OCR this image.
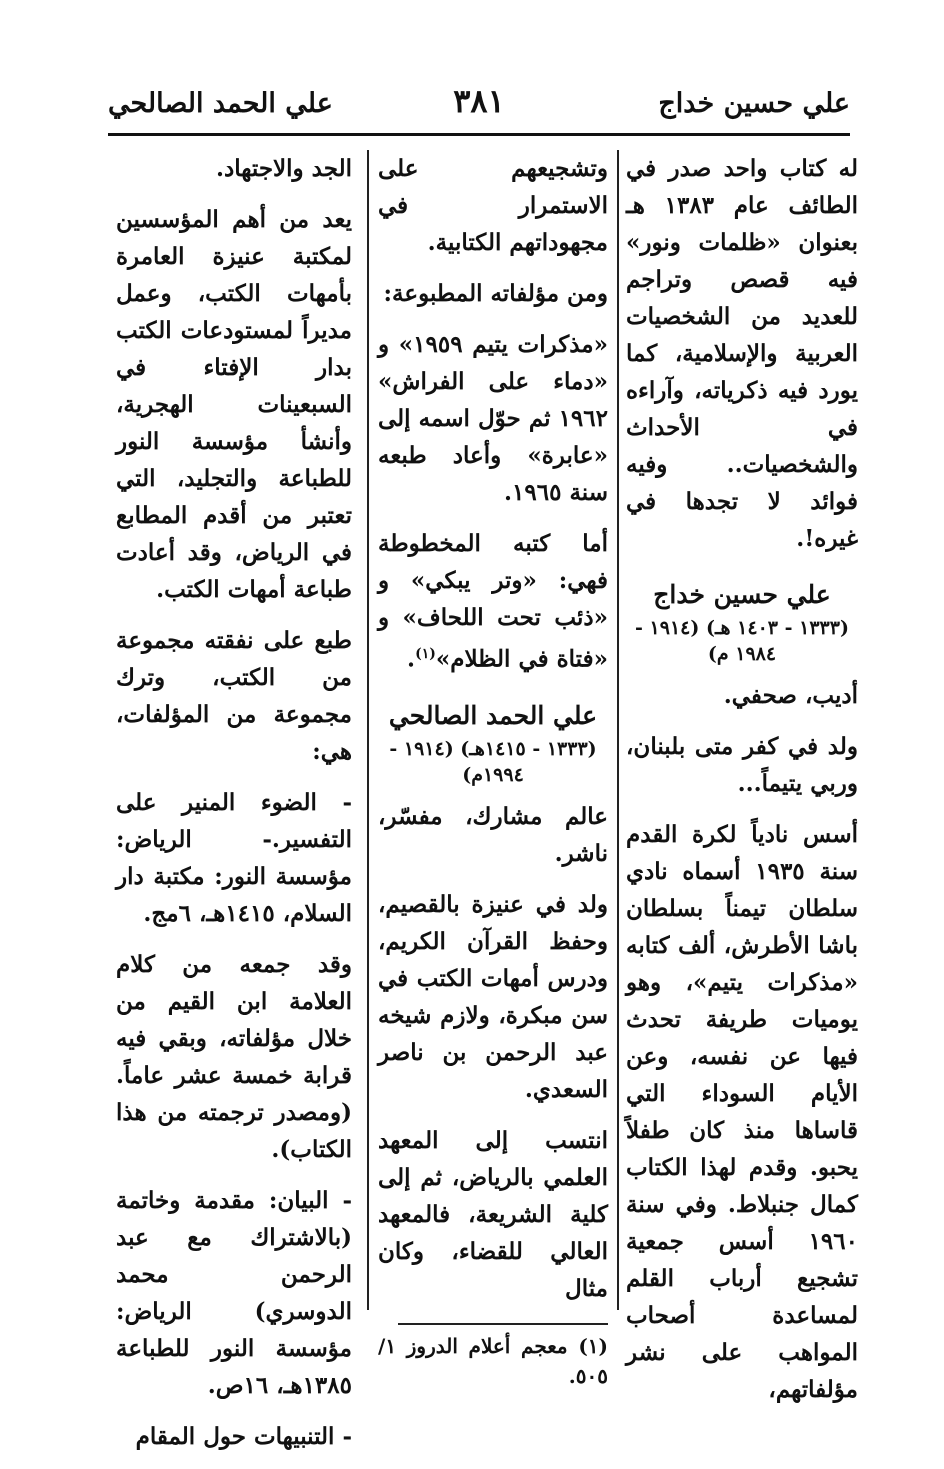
علي حسين خداج
٣٨١
علي الحمد الصالحي

له كتاب واحد صدر في الطائف عام ١٣٨٣ هـ بعنوان «ظلمات ونور» فيه قصص وتراجم للعديد من الشخصيات العربية والإسلامية، كما يورد فيه ذكرياته، وآراءه في الأحداث والشخصيات.. وفيه فوائد لا تجدها في غيره!.

علي حسين خداج

(١٣٣٣ - ١٤٠٣ هـ) (١٩١٤ - ١٩٨٤ م)

أديب، صحفي.

ولد في كفر متى بلبنان، وربي يتيماً...

أسس نادياً لكرة القدم سنة ١٩٣٥ أسماه نادي سلطان تيمناً بسلطان باشا الأطرش، ألف كتابه «مذكرات يتيم»، وهو يوميات طريفة تحدث فيها عن نفسه، وعن الأيام السوداء التي قاساها منذ كان طفلاً يحبو. وقدم لهذا الكتاب كمال جنبلاط. وفي سنة ١٩٦٠ أسس جمعية تشجيع أرباب القلم لمساعدة أصحاب المواهب على نشر مؤلفاتهم،

وتشجيعهم على الاستمرار في مجهوداتهم الكتابية.

ومن مؤلفاته المطبوعة:

«مذكرات يتيم ١٩٥٩» و «دماء على الفراش» ١٩٦٢ ثم حوّل اسمه إلى «عابرة» وأعاد طبعه سنة ١٩٦٥.

أما كتبه المخطوطة فهي: «وتر يبكي» و «ذئب تحت اللحاف» و «فتاة في الظلام»$^{(١)}$.

علي الحمد الصالحي

(١٣٣٣ - ١٤١٥هـ) (١٩١٤ - ١٩٩٤م)

عالم مشارك، مفسّر، ناشر.

ولد في عنيزة بالقصيم، وحفظ القرآن الكريم، ودرس أمهات الكتب في سن مبكرة، ولازم شيخه عبد الرحمن بن ناصر السعدي.

انتسب إلى المعهد العلمي بالرياض، ثم إلى كلية الشريعة، فالمعهد العالي للقضاء، وكان مثال

(١) معجم أعلام الدروز ١/ ٥٠٥.

الجد والاجتهاد.

يعد من أهم المؤسسين لمكتبة عنيزة العامرة بأمهات الكتب، وعمل مديراً لمستودعات الكتب بدار الإفتاء في السبعينات الهجرية، وأنشأ مؤسسة النور للطباعة والتجليد، التي تعتبر من أقدم المطابع في الرياض، وقد أعادت طباعة أمهات الكتب.

طبع على نفقته مجموعة من الكتب، وترك مجموعة من المؤلفات، هي:

- الضوء المنير على التفسير.- الرياض: مؤسسة النور: مكتبة دار السلام، ١٤١٥هـ، ٦مج.

وقد جمعه من كلام العلامة ابن القيم من خلال مؤلفاته، وبقي فيه قرابة خمسة عشر عاماً. (ومصدر ترجمته من هذا الكتاب).

- البيان: مقدمة وخاتمة (بالاشتراك مع عبد الرحمن محمد الدوسري) الرياض: مؤسسة النور للطباعة ١٣٨٥هـ، ١٦ص.

- التنبيهات حول المقام
